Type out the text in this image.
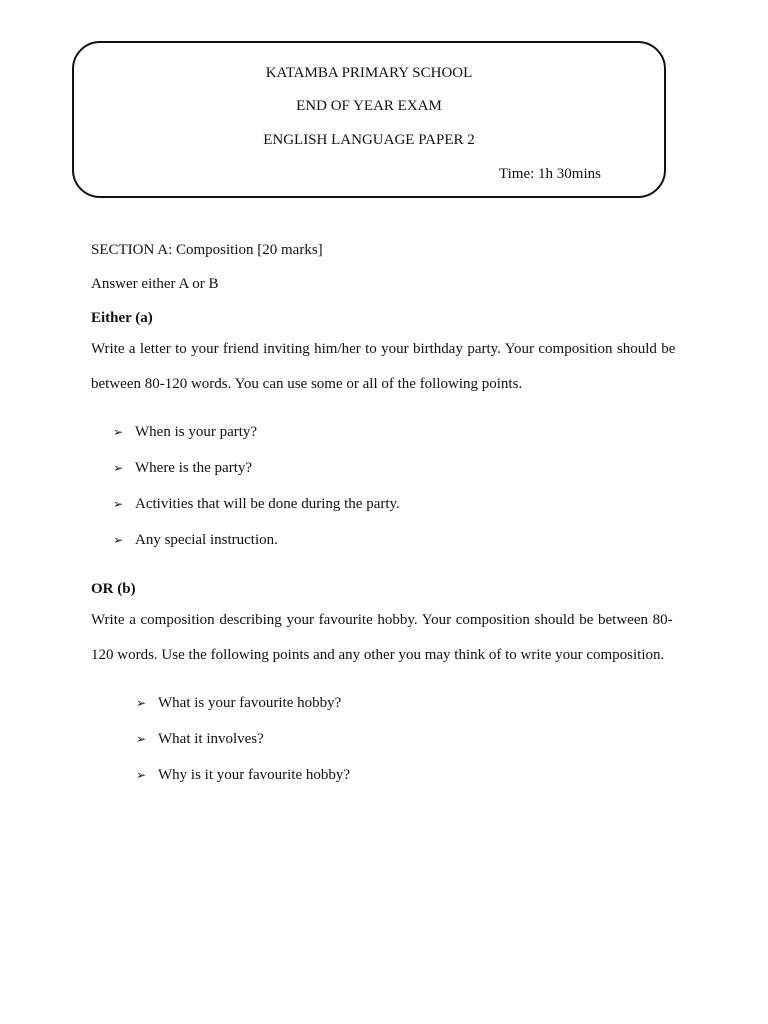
KATAMBA PRIMARY SCHOOL
END OF YEAR EXAM
ENGLISH LANGUAGE PAPER 2
Time: 1h 30mins
SECTION A: Composition [20 marks]
Answer either A or B
Either (a)
Write a letter to your friend inviting him/her to your birthday party. Your composition should be
between 80-120 words. You can use some or all of the following points.
➢ When is your party?
➢ Where is the party?
➢ Activities that will be done during the party.
➢ Any special instruction.
OR (b)
Write a composition describing your favourite hobby. Your composition should be between 80-
120 words. Use the following points and any other you may think of to write your composition.
➢ What is your favourite hobby?
➢ What it involves?
➢ Why is it your favourite hobby?
